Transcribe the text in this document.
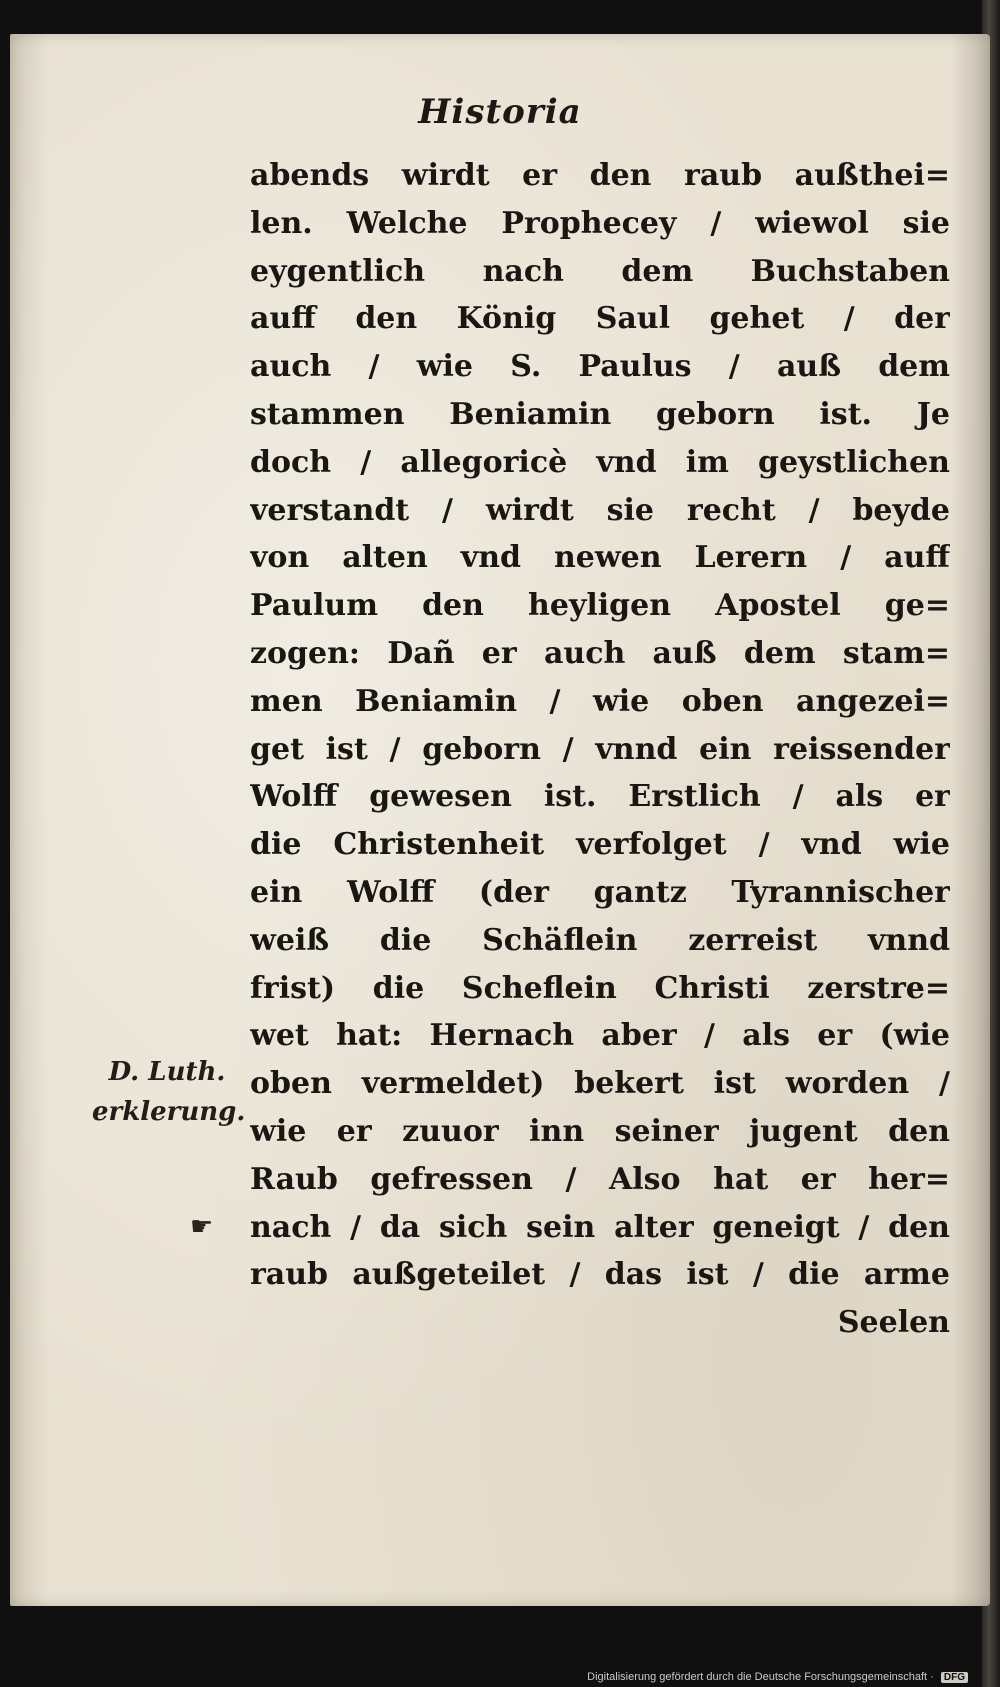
Historia
abends wirdt er den raub außthei=
len. Welche Prophecey / wiewol sie
eygentlich nach dem Buchstaben
auff den König Saul gehet / der
auch / wie S. Paulus / auß dem
stammen Beniamin geborn ist. Je
doch / allegoricè vnd im geystlichen
verstandt / wirdt sie recht / beyde
von alten vnd newen Lerern / auff
Paulum den heyligen Apostel ge=
zogen: Dañ er auch auß dem stam=
men Beniamin / wie oben angezei=
get ist / geborn / vnnd ein reissender
Wolff gewesen ist. Erstlich / als er
die Christenheit verfolget / vnd wie
ein Wolff (der gantz Tyrannischer
weiß die Schäflein zerreist vnnd
frist) die Scheflein Christi zerstre=
wet hat: Hernach aber / als er (wie
oben vermeldet) bekert ist worden /
wie er zuuor inn seiner jugent den
Raub gefressen / Also hat er her=
nach / da sich sein alter geneigt / den
raub außgeteilet / das ist / die arme
Seelen
D. Luth.
erklerung.
☛
Digitalisierung gefördert durch die Deutsche Forschungsgemeinschaft · DFG
